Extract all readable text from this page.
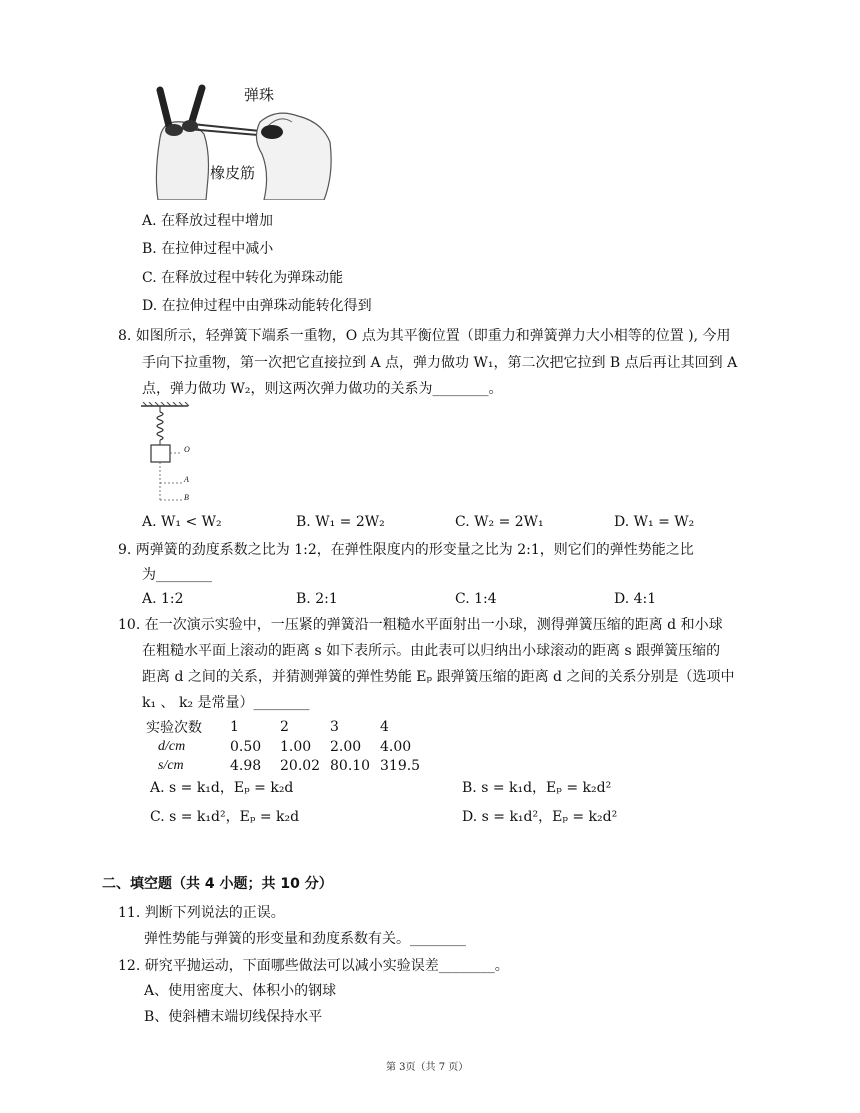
弹珠
橡皮筋
A. 在释放过程中增加
B. 在拉伸过程中减小
C. 在释放过程中转化为弹珠动能
D. 在拉伸过程中由弹珠动能转化得到
8. 如图所示，轻弹簧下端系一重物，O 点为其平衡位置（即重力和弹簧弹力大小相等的位置 ), 今用
手向下拉重物，第一次把它直接拉到 A 点，弹力做功 W₁，第二次把它拉到 B 点后再让其回到 A
点，弹力做功 W₂，则这两次弹力做功的关系为________。
O
A
B
A. W₁ < W₂	B. W₁ = 2W₂	C. W₂ = 2W₁	D. W₁ = W₂
9. 两弹簧的劲度系数之比为 1:2，在弹性限度内的形变量之比为 2:1，则它们的弹性势能之比
为________
A. 1:2	B. 2:1	C. 1:4	D. 4:1
10. 在一次演示实验中，一压紧的弹簧沿一粗糙水平面射出一小球，测得弹簧压缩的距离 d 和小球
在粗糙水平面上滚动的距离 s 如下表所示。由此表可以归纳出小球滚动的距离 s 跟弹簧压缩的
距离 d 之间的关系，并猜测弹簧的弹性势能 Eₚ 跟弹簧压缩的距离 d 之间的关系分别是（选项中
k₁ 、 k₂ 是常量）________
实验次数	1	2	3	4
d/cm	0.50	1.00	2.00	4.00
s/cm	4.98	20.02	80.10	319.5
A. s = k₁d，Eₚ = k₂d	B. s = k₁d，Eₚ = k₂d²
C. s = k₁d²，Eₚ = k₂d	D. s = k₁d²，Eₚ = k₂d²
二、填空题（共 4 小题；共 10 分）
11. 判断下列说法的正误。
弹性势能与弹簧的形变量和劲度系数有关。________
12. 研究平抛运动，下面哪些做法可以减小实验误差________。
A、使用密度大、体积小的钢球
B、使斜槽末端切线保持水平
第 3页（共 7 页）
